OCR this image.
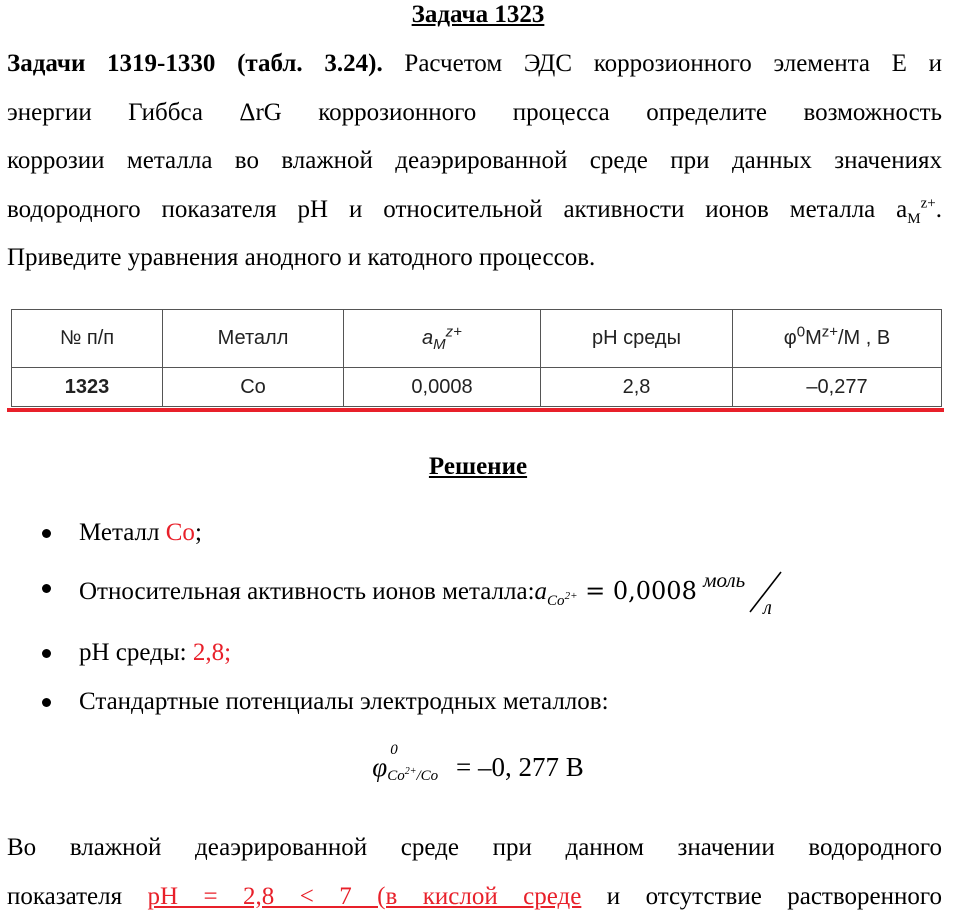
Задача 1323
Задачи 1319-1330 (табл. 3.24). Расчетом ЭДС коррозионного элемента Е и
энергии Гиббса ΔrG коррозионного процесса определите возможность
коррозии металла во влажной деаэрированной среде при данных значениях
водородного показателя pH и относительной активности ионов металла $a_M^{z+}$.
Приведите уравнения анодного и катодного процессов.
№ п/п	Металл	$a_M^{z+}$	pH среды	$\varphi^0M^{z+}/M$ , В
1323	Co	0,0008	2,8	–0,277
Решение
Металл Co;
Относительная активность ионов $металла:a_{Co^{2+}} = 0,0008$ моль
л
pH среды: 2,8;
Стандартные потенциалы электродных металлов:
φ
0
$Co^{2+}/Co = -0$, 277 В
Во влажной деаэрированной среде при данном значении водородного
показателя pH = 2,8 < 7 (в кислой среде и отсутствие растворенного
